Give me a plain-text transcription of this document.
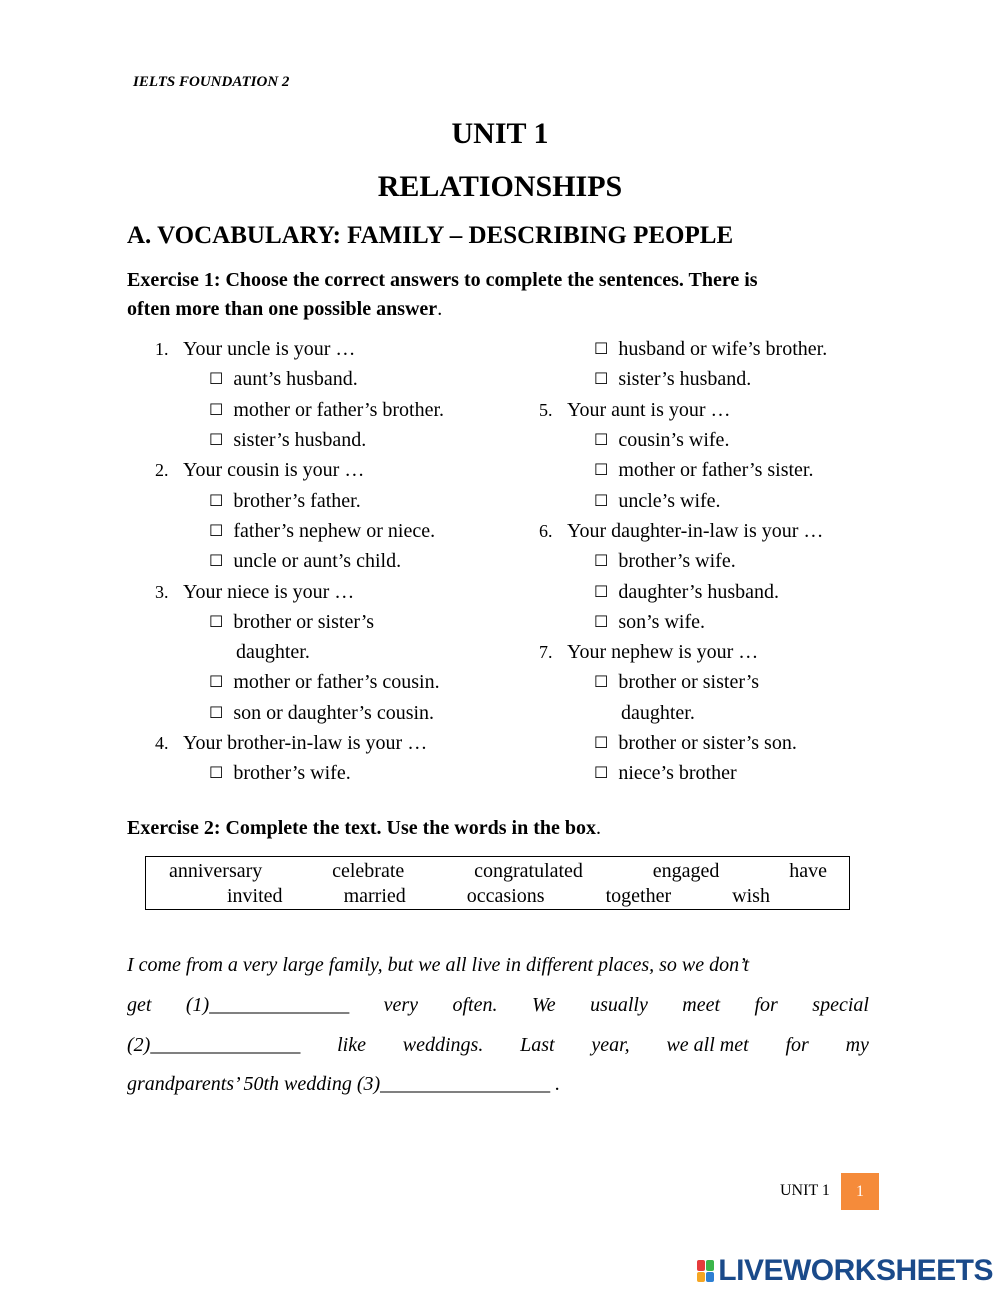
IELTS FOUNDATION 2
UNIT 1
RELATIONSHIPS
A. VOCABULARY: FAMILY – DESCRIBING PEOPLE
Exercise 1: Choose the correct answers to complete the sentences. There is
often more than one possible answer.
1. Your uncle is your …
☐ aunt’s husband.
☐ mother or father’s brother.
☐ sister’s husband.
2. Your cousin is your …
☐ brother’s father.
☐ father’s nephew or niece.
☐ uncle or aunt’s child.
3. Your niece is your …
☐ brother or sister’s
daughter.
☐ mother or father’s cousin.
☐ son or daughter’s cousin.
4. Your brother-in-law is your …
☐ brother’s wife.
☐ husband or wife’s brother.
☐ sister’s husband.
5. Your aunt is your …
☐ cousin’s wife.
☐ mother or father’s sister.
☐ uncle’s wife.
6. Your daughter-in-law is your …
☐ brother’s wife.
☐ daughter’s husband.
☐ son’s wife.
7. Your nephew is your …
☐ brother or sister’s
daughter.
☐ brother or sister’s son.
☐ niece’s brother
Exercise 2: Complete the text. Use the words in the box.
anniversary	celebrate	congratulated	engaged	have
invited	married	occasions	together	wish
I come from a very large family, but we all live in different places, so we don’t
get (1)______________ very often. We usually meet for special
(2)_______________ like weddings. Last year, we all met for my
grandparents’ 50th wedding (3)_________________ .
UNIT 1	1
LIVEWORKSHEETS
